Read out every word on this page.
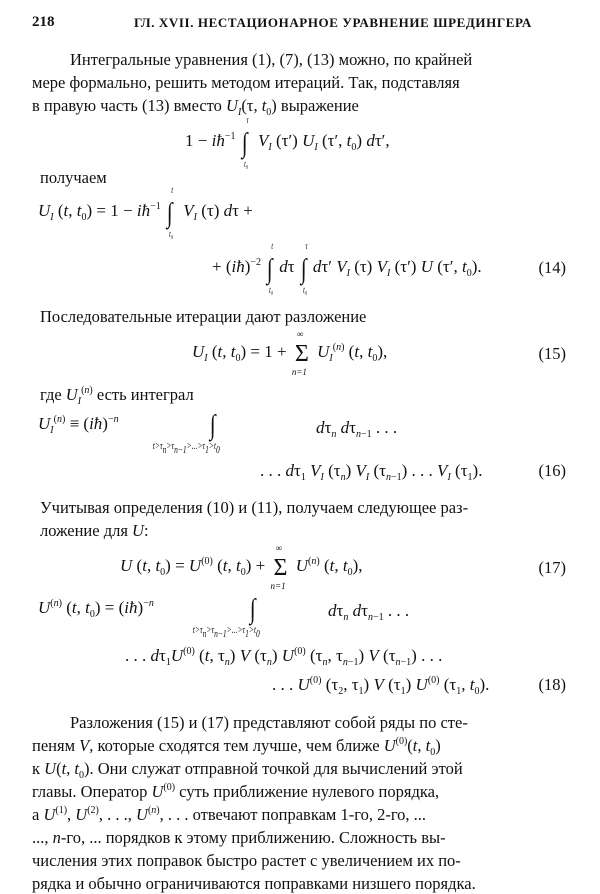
218	ГЛ. XVII. НЕСТАЦИОНАРНОЕ УРАВНЕНИЕ ШРЕДИНГЕРА
Интегральные уравнения (1), (7), (13) можно, по крайней
мере формально, решить методом итераций. Так, подставляя
в правую часть (13) вместо $U_I(\tau$, $t_0$) выражение
$1 - iħ^{-1}$ ∫
τ
t₀
$V_I$ (τ′) $U_I$ (τ′, $t_0$) dτ′,
получаем
$U_I$ (t, $t_0) = 1$ − $iħ^{-1}$ ∫
t
t₀
$V_I$ (τ) dτ +
+ (iħ)$^{-2}$ ∫
t
t₀
dτ ∫
τ
t₀
dτ′ $V_I$ (τ) $V_I$ (τ′) U (τ′, $t_0$).	(14)
Последовательные итерации дают разложение
$U_I$ (t, $t_0) = 1 + \Sigma$
∞
n=1
$U_I^{(n)}$ (t, $t_0$),	(15)
где $U_I^{(n)}$ есть интеграл
$U_I^{(n)}$ ≡ (iħ)$^{-n}$	∫
$t>\tau_n>\tau_{n-1}>...>\tau_1>t_0$
$d\tau_n$ $d\tau_{n-1}$ . . .
. . . $d\tau_1$ $V_I$ $(\tau_n)$ $V_I$ $(\tau_{n-1})$ . . . $V_I$ $(\tau_1)$.	(16)
Учитывая определения (10) и (11), получаем следующее раз-
ложение для U:
U (t, $t_0) = U^{(0)}$ (t, $t_0) + \Sigma$
∞
n=1
$U^{(n)}$ (t, $t_0$),	(17)
$U^{(n)}$ (t, $t_0$) = (iħ)$^{-n}$	∫
$t>\tau_n>\tau_{n-1}>...>\tau_1>t_0$
$d\tau_n$ $d\tau_{n-1}$ . . .
. . . $d\tau_1U^{(0)}$ (t, $\tau_n$) V $(\tau_n)$ $U^{(0)}$ ($\tau_n$, $\tau_{n-1}$) V $(\tau_{n-1})$ . . .
. . . $U^{(0)}$ ($\tau_2$, $\tau_1$) V $(\tau_1)$ $U^{(0)}$ ($\tau_1$, $t_0$).	(18)
Разложения (15) и (17) представляют собой ряды по сте-
пеням V, которые сходятся тем лучше, чем ближе $U^{(0)}(t$, $t_0$)
к U(t, $t_0$). Они служат отправной точкой для вычислений этой
главы. Оператор $U^{(0)}$ суть приближение нулевого порядка,
а $U^{(1)}$, $U^{(2)}$, . . ., $U^{(n)}$, . . . отвечают поправкам 1-го, 2-го, ...
..., n-го, ... порядков к этому приближению. Сложность вы-
числения этих поправок быстро растет с увеличением их по-
рядка и обычно ограничиваются поправками низшего порядка.
